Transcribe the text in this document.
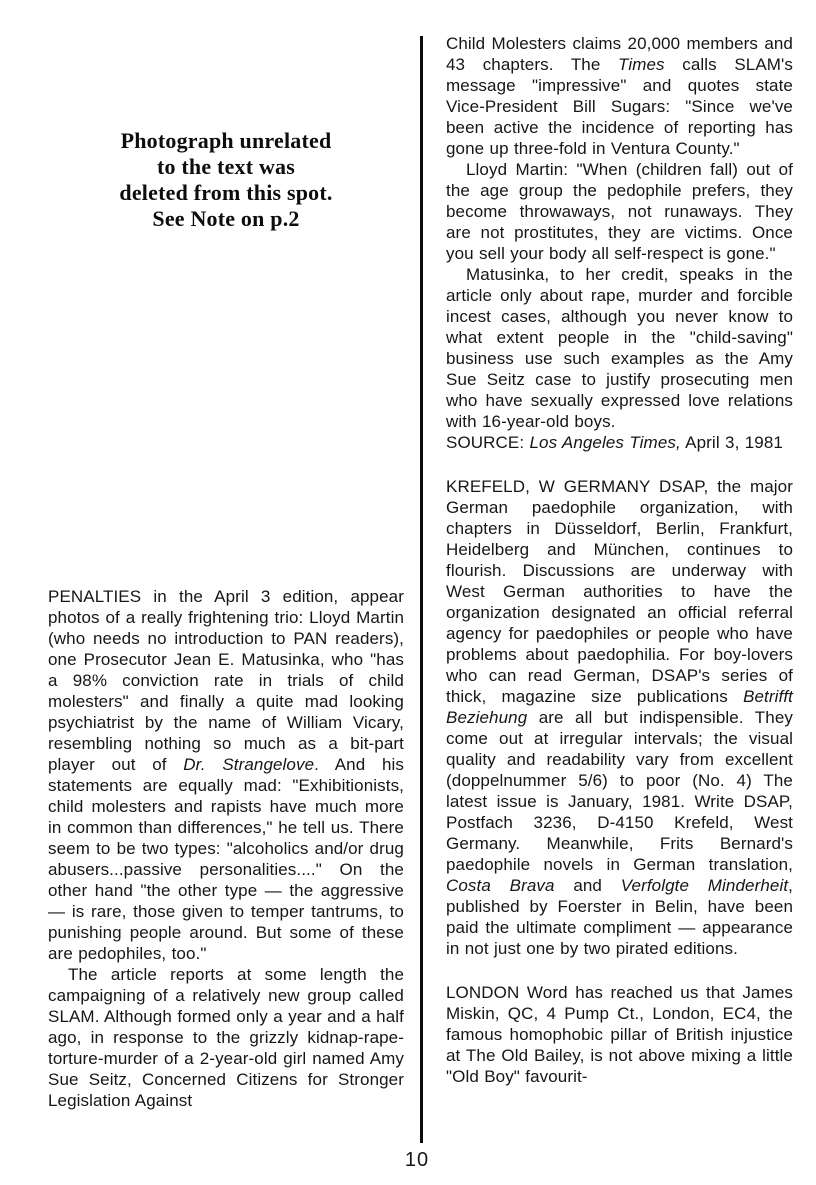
Photograph unrelated
to the text was
deleted from this spot.
See Note on p.2

PENALTIES in the April 3 edition, appear photos of a really frightening trio: Lloyd Martin (who needs no introduction to PAN readers), one Prosecutor Jean E. Matusinka, who "has a 98% conviction rate in trials of child molesters" and finally a quite mad looking psychiatrist by the name of William Vicary, resembling nothing so much as a bit-part player out of Dr. Strangelove. And his statements are equally mad: "Exhibitionists, child molesters and rapists have much more in common than differences," he tell us. There seem to be two types: "alcoholics and/or drug abusers...passive personalities...." On the other hand "the other type — the aggressive — is rare, those given to temper tantrums, to punishing people around. But some of these are pedophiles, too."

The article reports at some length the campaigning of a relatively new group called SLAM. Although formed only a year and a half ago, in response to the grizzly kidnap-rape-torture-murder of a 2-year-old girl named Amy Sue Seitz, Concerned Citizens for Stronger Legislation Against

Child Molesters claims 20,000 members and 43 chapters. The Times calls SLAM's message "impressive" and quotes state Vice-President Bill Sugars: "Since we've been active the incidence of reporting has gone up three-fold in Ventura County."

Lloyd Martin: "When (children fall) out of the age group the pedophile prefers, they become throwaways, not runaways. They are not prostitutes, they are victims. Once you sell your body all self-respect is gone."

Matusinka, to her credit, speaks in the article only about rape, murder and forcible incest cases, although you never know to what extent people in the "child-saving" business use such examples as the Amy Sue Seitz case to justify prosecuting men who have sexually expressed love relations with 16-year-old boys.

SOURCE: Los Angeles Times, April 3, 1981

KREFELD, W GERMANY DSAP, the major German paedophile organization, with chapters in Düsseldorf, Berlin, Frankfurt, Heidelberg and München, continues to flourish. Discussions are underway with West German authorities to have the organization designated an official referral agency for paedophiles or people who have problems about paedophilia. For boy-lovers who can read German, DSAP's series of thick, magazine size publications Betrifft Beziehung are all but indispensible. They come out at irregular intervals; the visual quality and readability vary from excellent (doppelnummer 5/6) to poor (No. 4) The latest issue is January, 1981. Write DSAP, Postfach 3236, D-4150 Krefeld, West Germany. Meanwhile, Frits Bernard's paedophile novels in German translation, Costa Brava and Verfolgte Minderheit, published by Foerster in Belin, have been paid the ultimate compliment — appearance in not just one by two pirated editions.

LONDON Word has reached us that James Miskin, QC, 4 Pump Ct., London, EC4, the famous homophobic pillar of British injustice at The Old Bailey, is not above mixing a little "Old Boy" favourit-

10
